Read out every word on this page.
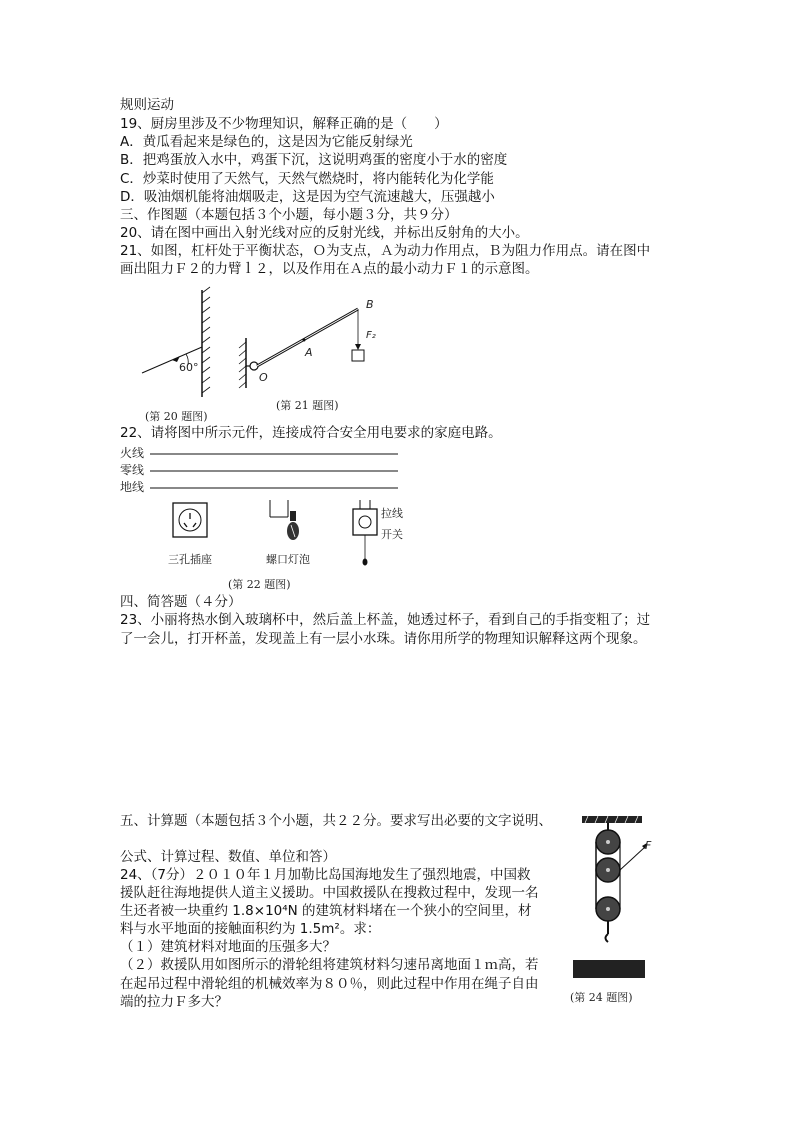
规则运动
19、厨房里涉及不少物理知识，解释正确的是（　　）
A．黄瓜看起来是绿色的，这是因为它能反射绿光
B．把鸡蛋放入水中，鸡蛋下沉，这说明鸡蛋的密度小于水的密度
C．炒菜时使用了天然气，天然气燃烧时，将内能转化为化学能
D．吸油烟机能将油烟吸走，这是因为空气流速越大，压强越小
三、作图题（本题包括３个小题，每小题３分，共９分）
20、请在图中画出入射光线对应的反射光线，并标出反射角的大小。
21、如图，杠杆处于平衡状态，Ｏ为支点，Ａ为动力作用点，Ｂ为阻力作用点。请在图中
画出阻力Ｆ２的力臂ｌ２，以及作用在Ａ点的最小动力Ｆ１的示意图。
60°
(第 20 题图)
B
A
O
F₂
(第 21 题图)
22、请将图中所示元件，连接成符合安全用电要求的家庭电路。
火线
零线
地线
三孔插座	螺口灯泡
拉线
开关
(第 22 题图)
四、简答题（４分）
23、小丽将热水倒入玻璃杯中，然后盖上杯盖，她透过杯子，看到自己的手指变粗了；过
了一会儿，打开杯盖，发现盖上有一层小水珠。请你用所学的物理知识解释这两个现象。
五、计算题（本题包括３个小题，共２２分。要求写出必要的文字说明、
公式、计算过程、数值、单位和答）
24、（7分）２０１０年１月加勒比岛国海地发生了强烈地震，中国救
援队赶往海地提供人道主义援助。中国救援队在搜救过程中，发现一名
生还者被一块重约 1.8×10⁴N 的建筑材料堵在一个狭小的空间里，材
料与水平地面的接触面积约为 1.5m²。求：
（１）建筑材料对地面的压强多大？
（２）救援队用如图所示的滑轮组将建筑材料匀速吊离地面１ｍ高，若
在起吊过程中滑轮组的机械效率为８０％，则此过程中作用在绳子自由
端的拉力Ｆ多大？
F
(第 24 题图)
